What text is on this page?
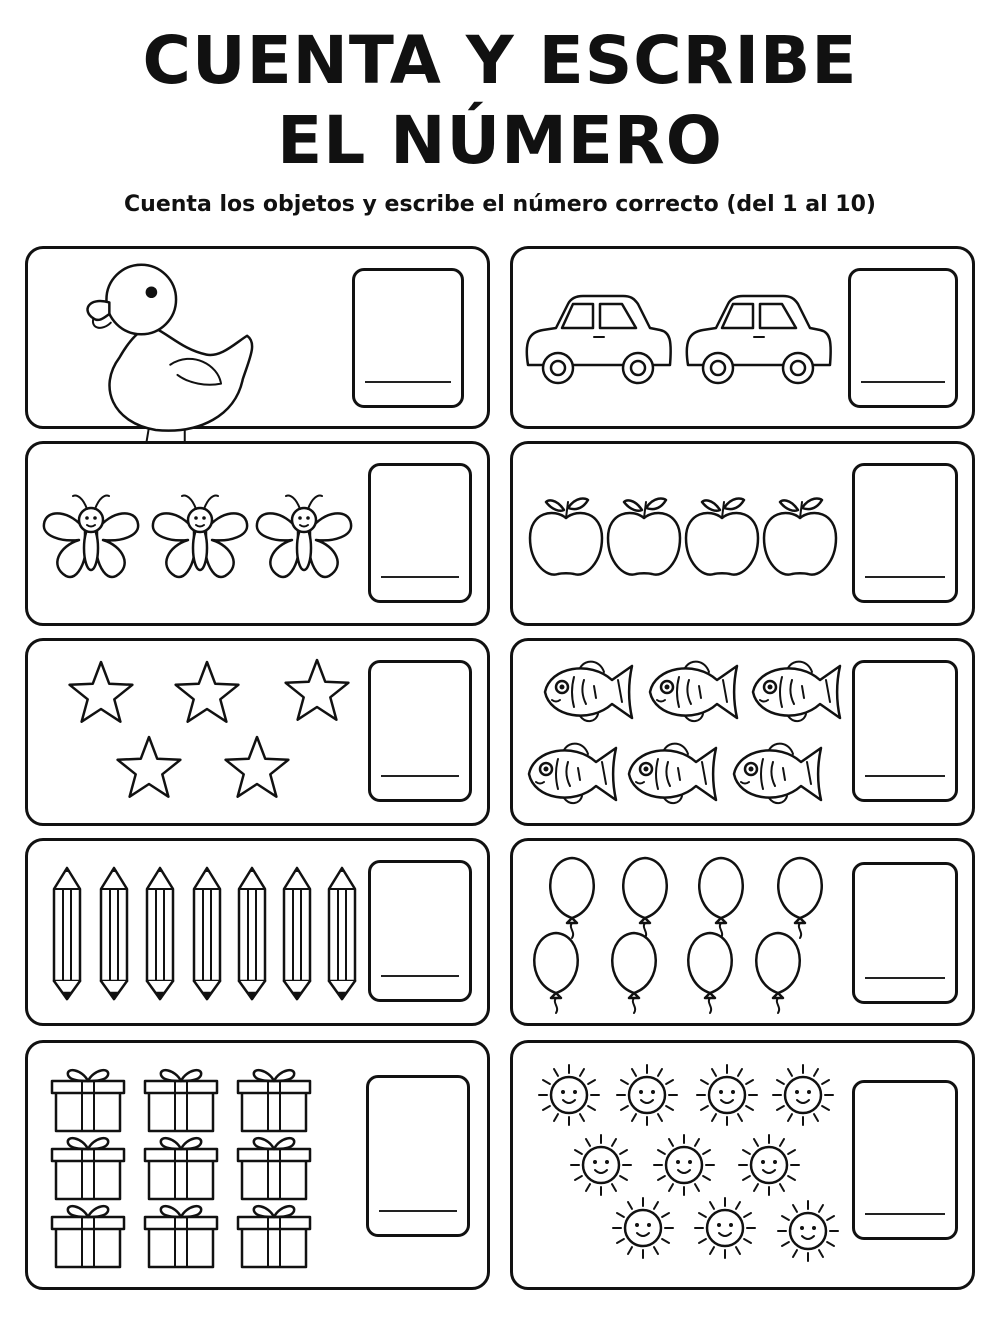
CUENTA Y ESCRIBE
EL NÚMERO

Cuenta los objetos y escribe el número correcto (del 1 al 10)
